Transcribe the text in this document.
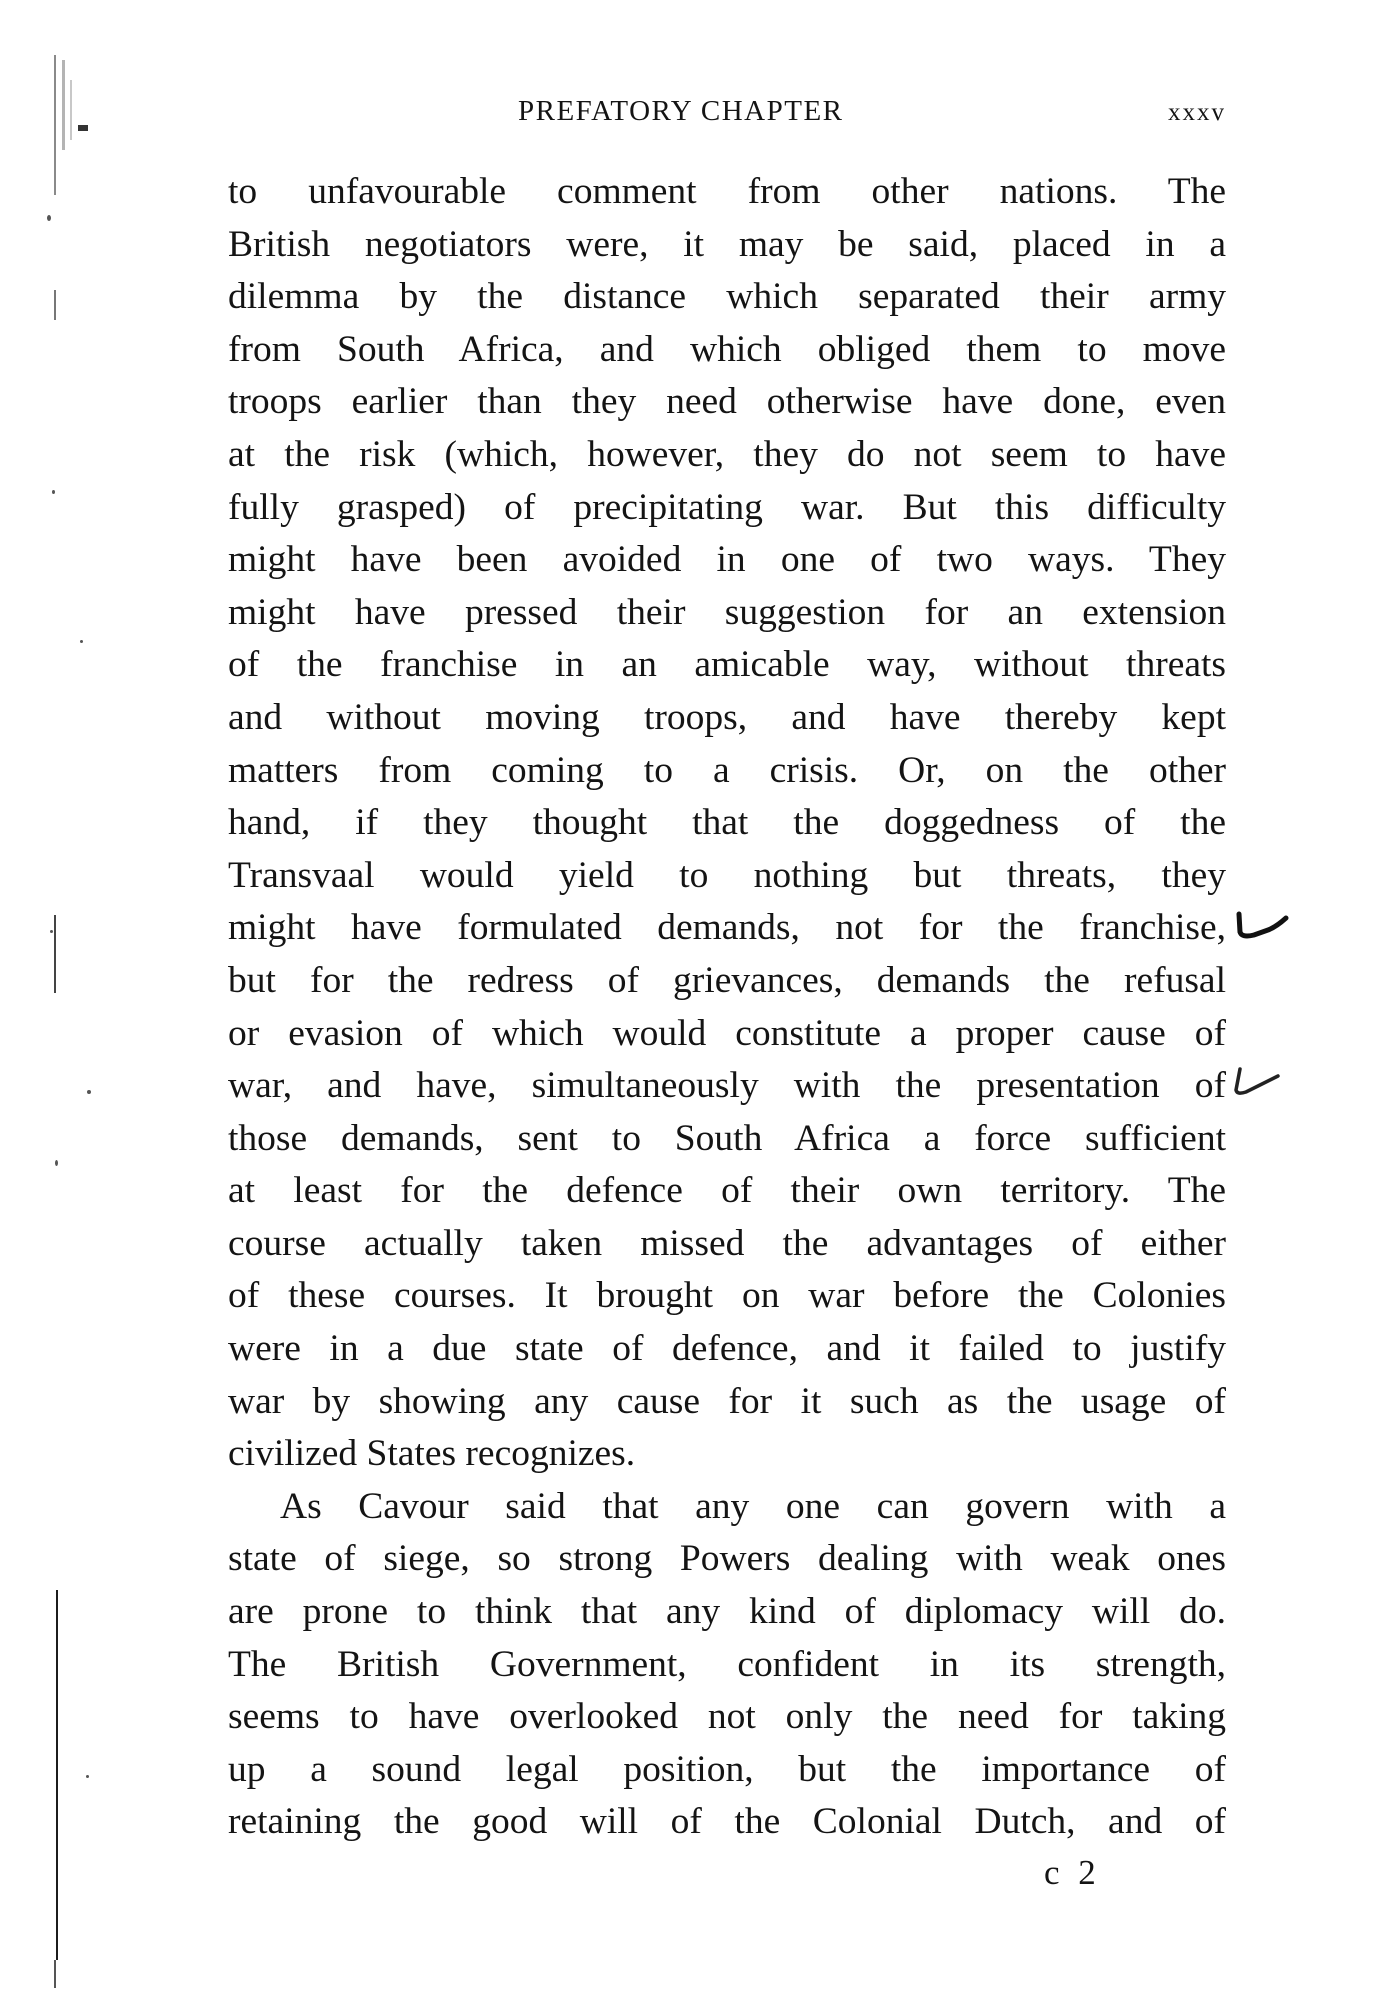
PREFATORY CHAPTER	xxxv
to unfavourable comment from other nations. The
British negotiators were, it may be said, placed in a
dilemma by the distance which separated their army
from South Africa, and which obliged them to move
troops earlier than they need otherwise have done, even
at the risk (which, however, they do not seem to have
fully grasped) of precipitating war. But this difficulty
might have been avoided in one of two ways. They
might have pressed their suggestion for an extension
of the franchise in an amicable way, without threats
and without moving troops, and have thereby kept
matters from coming to a crisis. Or, on the other
hand, if they thought that the doggedness of the
Transvaal would yield to nothing but threats, they
might have formulated demands, not for the franchise,
but for the redress of grievances, demands the refusal
or evasion of which would constitute a proper cause of
war, and have, simultaneously with the presentation of
those demands, sent to South Africa a force sufficient
at least for the defence of their own territory. The
course actually taken missed the advantages of either
of these courses. It brought on war before the Colonies
were in a due state of defence, and it failed to justify
war by showing any cause for it such as the usage of
civilized States recognizes.
As Cavour said that any one can govern with a
state of siege, so strong Powers dealing with weak ones
are prone to think that any kind of diplomacy will do.
The British Government, confident in its strength,
seems to have overlooked not only the need for taking
up a sound legal position, but the importance of
retaining the good will of the Colonial Dutch, and of
c 2
